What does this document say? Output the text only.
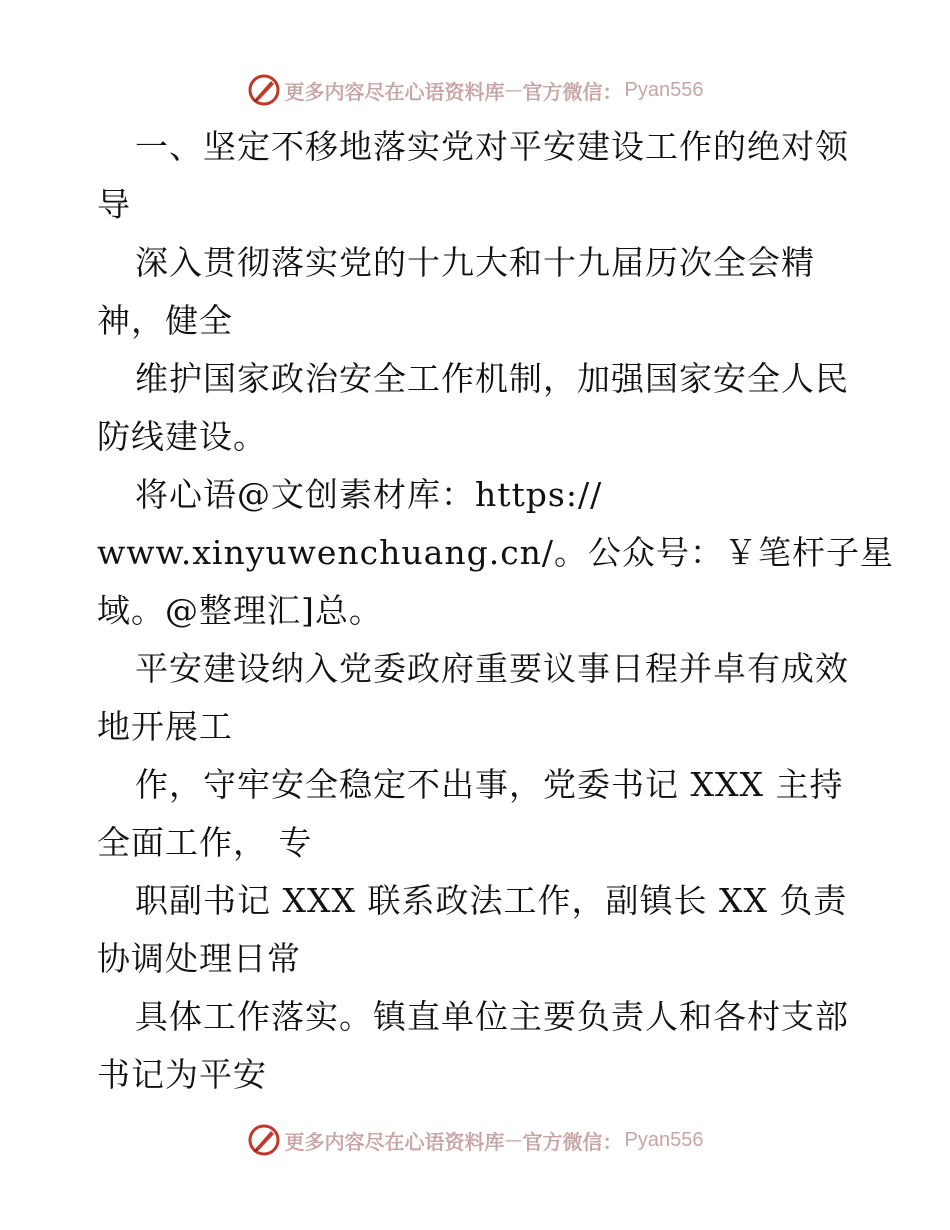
更多内容尽在心语资料库 — 官方微信： Pyan556
一、坚定不移地落实党对平安建设工作的绝对领
导
深入贯彻落实党的十九大和十九届历次全会精
神，健全
维护国家政治安全工作机制，加强国家安全人民
防线建设。
将心语@文创素材库：https://
www.xinyuwenchuang.cn/。公众号：￥笔杆子星
域。@整理汇]总。
平安建设纳入党委政府重要议事日程并卓有成效
地开展工
作，守牢安全稳定不出事，党委书记 XXX 主持
全面工作， 专
职副书记 XXX 联系政法工作，副镇长 XX 负责
协调处理日常
具体工作落实。镇直单位主要负责人和各村支部
书记为平安
更多内容尽在心语资料库 — 官方微信： Pyan556
